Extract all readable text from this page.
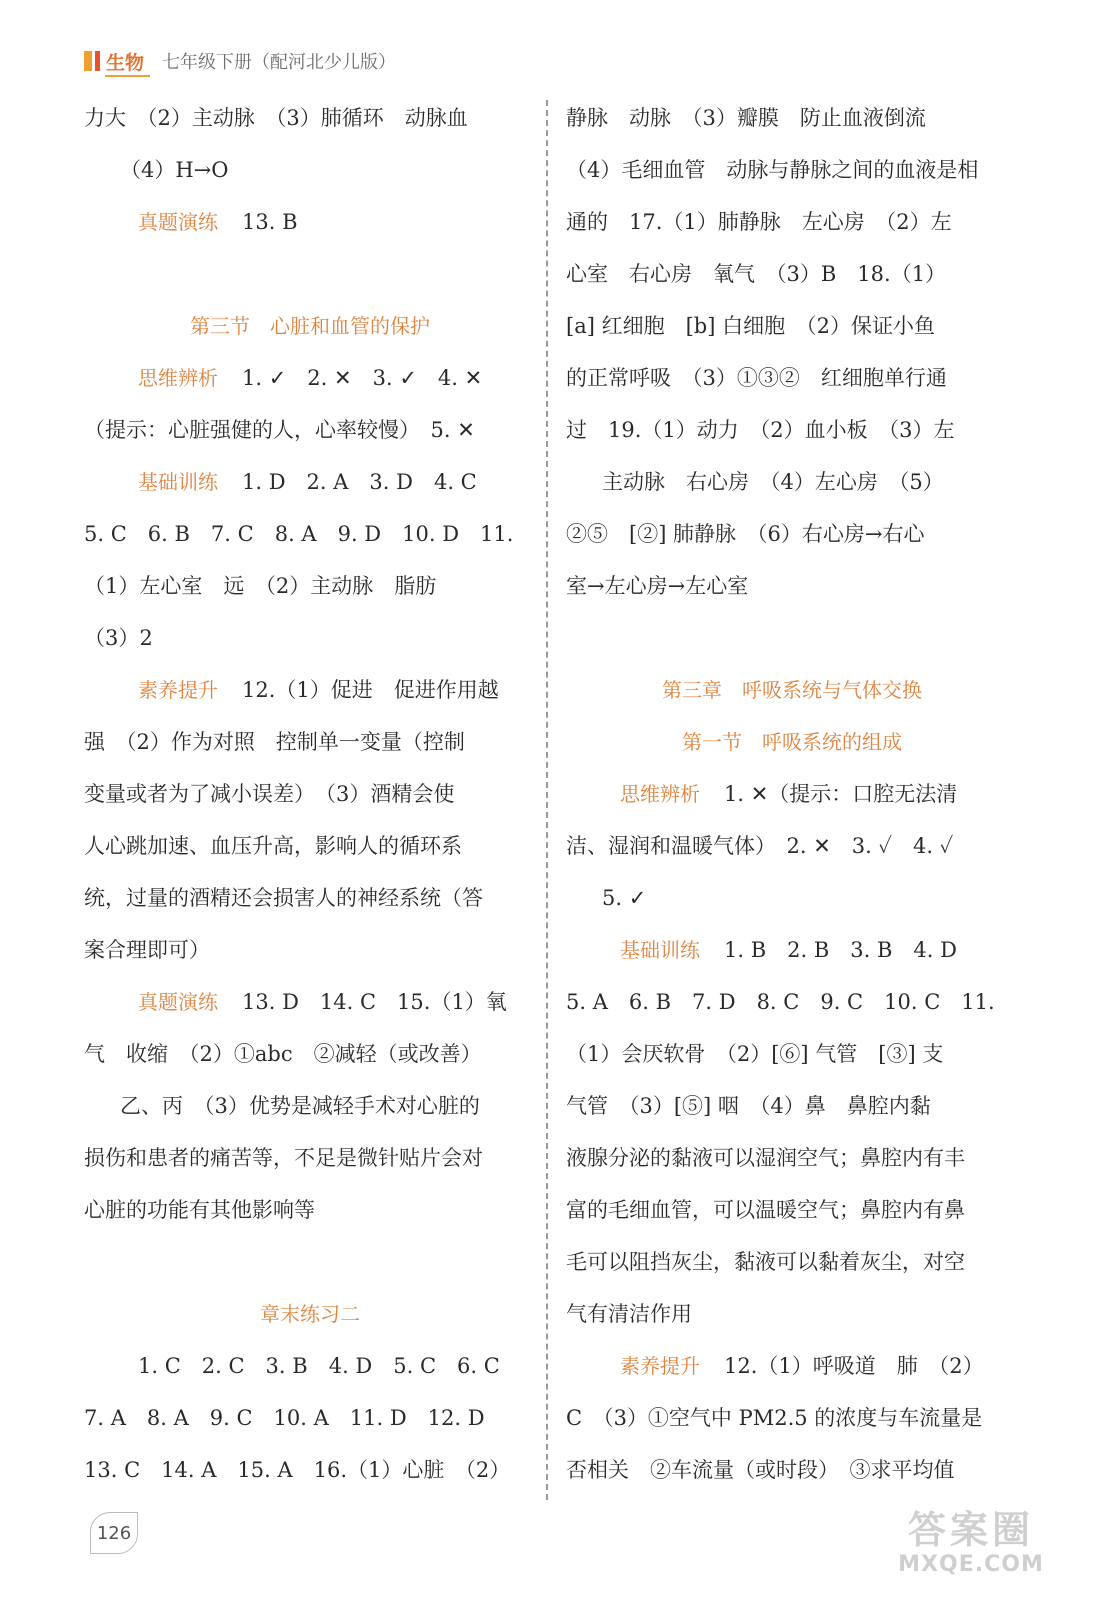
生物 七年级下册（配河北少儿版）
力大　（2）主动脉　（3）肺循环　动脉血
（4）H→O
真题演练 13. B
第三节　心脏和血管的保护
思维辨析 1. ✓　2. ✕　3. ✓　4. ✕
（提示：心脏强健的人，心率较慢）　5. ✕
基础训练 1. D　2. A　3. D　4. C
5. C　6. B　7. C　8. A　9. D　10. D　11.
（1）左心室　远　（2）主动脉　脂肪
（3）2
素养提升 12.（1）促进　促进作用越
强　（2）作为对照　控制单一变量（控制
变量或者为了减小误差）　（3）酒精会使
人心跳加速、血压升高，影响人的循环系
统，过量的酒精还会损害人的神经系统（答
案合理即可）
真题演练 13. D　14. C　15.（1）氧
气　收缩　（2）①abc　②减轻（或改善）
乙、丙　（3）优势是减轻手术对心脏的
损伤和患者的痛苦等，不足是微针贴片会对
心脏的功能有其他影响等
章末练习二
1. C　2. C　3. B　4. D　5. C　6. C
7. A　8. A　9. C　10. A　11. D　12. D
13. C　14. A　15. A　16.（1）心脏　（2）
静脉　动脉　（3）瓣膜　防止血液倒流
（4）毛细血管　动脉与静脉之间的血液是相
通的　17.（1）肺静脉　左心房　（2）左
心室　右心房　氧气　（3）B　18.（1）
[a] 红细胞　[b] 白细胞　（2）保证小鱼
的正常呼吸　（3）①③②　红细胞单行通
过　19.（1）动力　（2）血小板　（3）左
主动脉　右心房　（4）左心房　（5）
②⑤　[②] 肺静脉　（6）右心房→右心
室→左心房→左心室
第三章　呼吸系统与气体交换
第一节　呼吸系统的组成
思维辨析 1. ✕（提示：口腔无法清
洁、湿润和温暖气体）　2. ✕　3. ✓　4. ✓
5. ✓
基础训练 1. B　2. B　3. B　4. D
5. A　6. B　7. D　8. C　9. C　10. C　11.
（1）会厌软骨　（2）[⑥] 气管　[③] 支
气管　（3）[⑤] 咽　（4）鼻　鼻腔内黏
液腺分泌的黏液可以湿润空气；鼻腔内有丰
富的毛细血管，可以温暖空气；鼻腔内有鼻
毛可以阻挡灰尘，黏液可以黏着灰尘，对空
气有清洁作用
素养提升 12.（1）呼吸道　肺　（2）
C　（3）①空气中 PM2.5 的浓度与车流量是
否相关　②车流量（或时段）　③求平均值
126	答案圈
MXQE.COM
